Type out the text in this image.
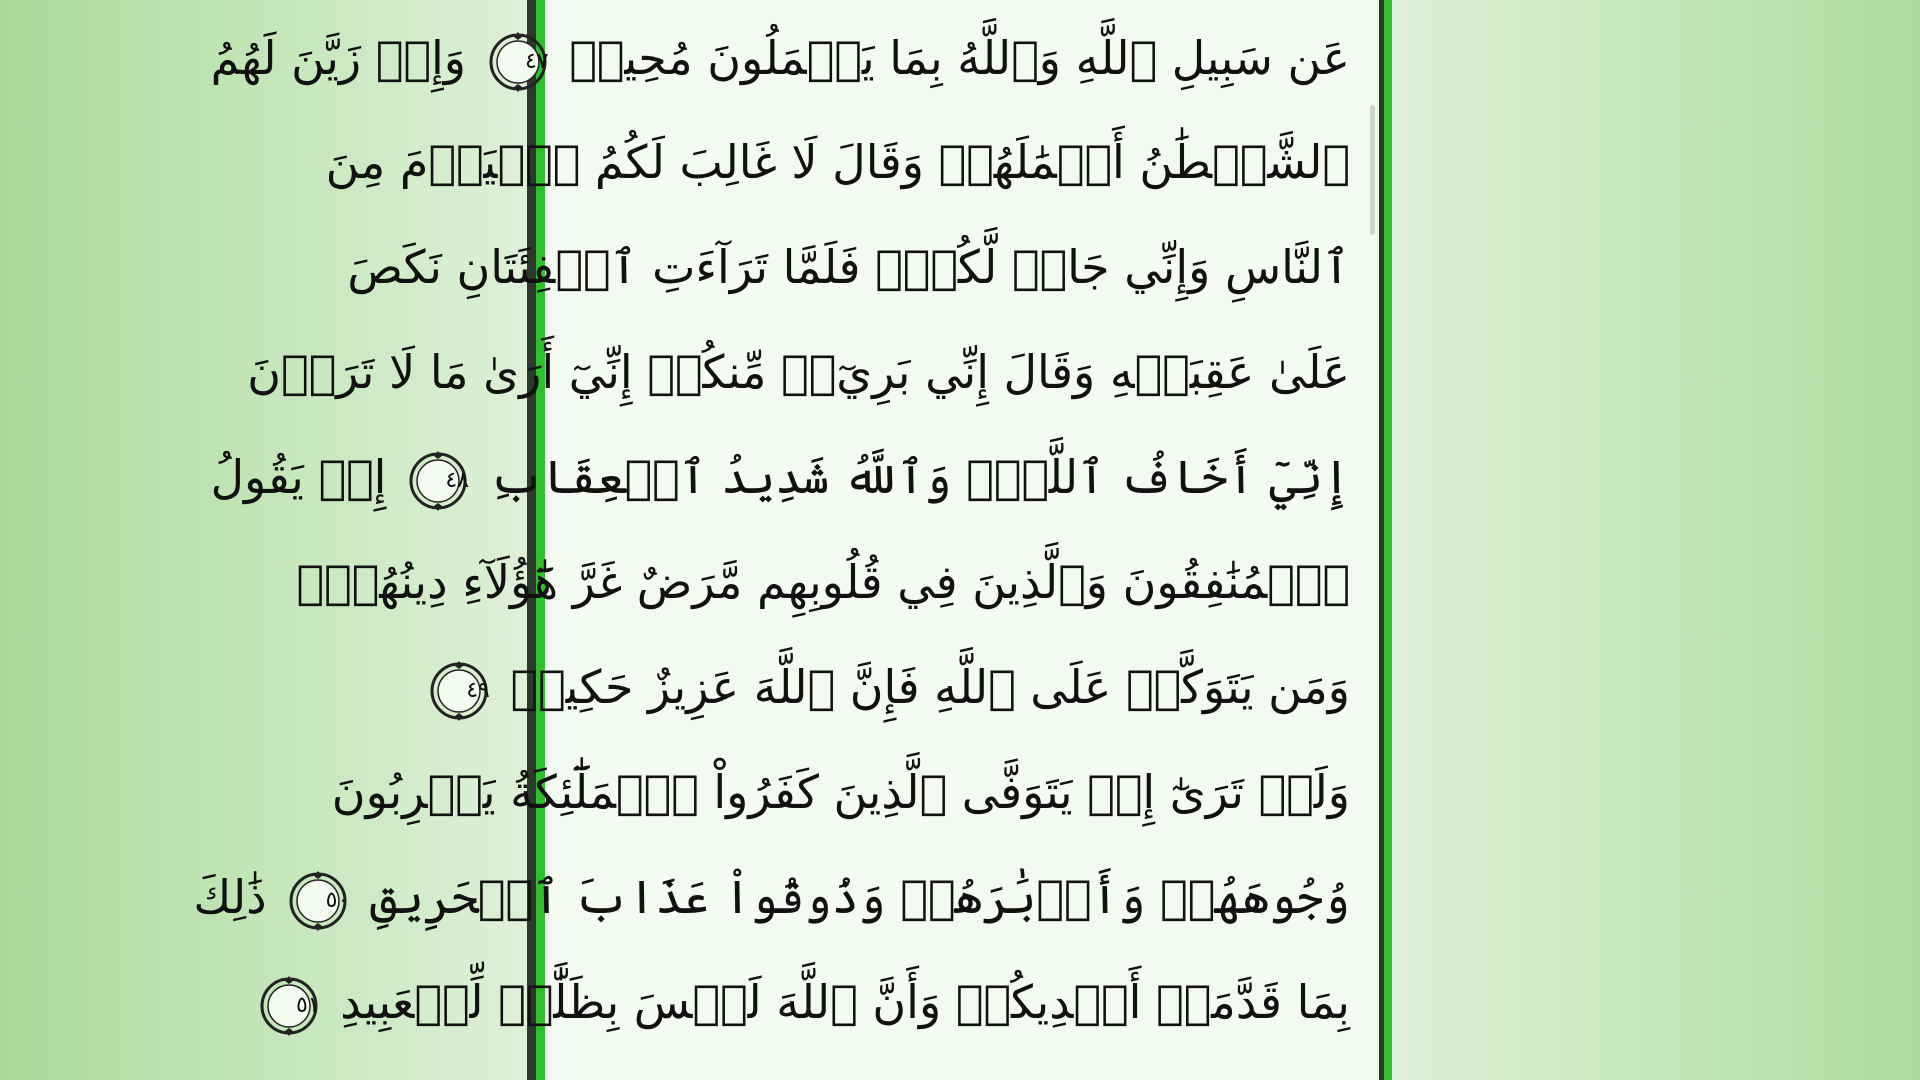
عَن سَبِيلِ ٱللَّهِ وَٱللَّهُ بِمَا يَعۡمَلُونَ مُحِيطٞ
٤٧
وَإِذۡ زَيَّنَ لَهُمُ
ٱلشَّيۡطَٰنُ أَعۡمَٰلَهُمۡ وَقَالَ لَا غَالِبَ لَكُمُ ٱلۡيَوۡمَ مِنَ
ٱلنَّاسِ وَإِنِّي جَارٞ لَّكُمۡۖ فَلَمَّا تَرَآءَتِ ٱلۡفِئَتَانِ نَكَصَ
عَلَىٰ عَقِبَيۡهِ وَقَالَ إِنِّي بَرِيٓءٞ مِّنكُمۡ إِنِّيٓ أَرَىٰ مَا لَا تَرَوۡنَ
إِنِّيٓ أَخَافُ ٱللَّهَۚ وَٱللَّهُ شَدِيدُ ٱلۡعِقَابِ
٤٨
إِذۡ يَقُولُ
ٱلۡمُنَٰفِقُونَ وَٱلَّذِينَ فِي قُلُوبِهِم مَّرَضٌ غَرَّ هَٰٓؤُلَآءِ دِينُهُمۡۗ
وَمَن يَتَوَكَّلۡ عَلَى ٱللَّهِ فَإِنَّ ٱللَّهَ عَزِيزٌ حَكِيمٞ
٤٩
وَلَوۡ تَرَىٰٓ إِذۡ يَتَوَفَّى ٱلَّذِينَ كَفَرُواْ ٱلۡمَلَٰٓئِكَةُ يَضۡرِبُونَ
وُجُوهَهُمۡ وَأَدۡبَٰرَهُمۡ وَذُوقُواْ عَذَابَ ٱلۡحَرِيقِ
٥٠
ذَٰلِكَ
بِمَا قَدَّمَتۡ أَيۡدِيكُمۡ وَأَنَّ ٱللَّهَ لَيۡسَ بِظَلَّٰمٖ لِّلۡعَبِيدِ
٥١
